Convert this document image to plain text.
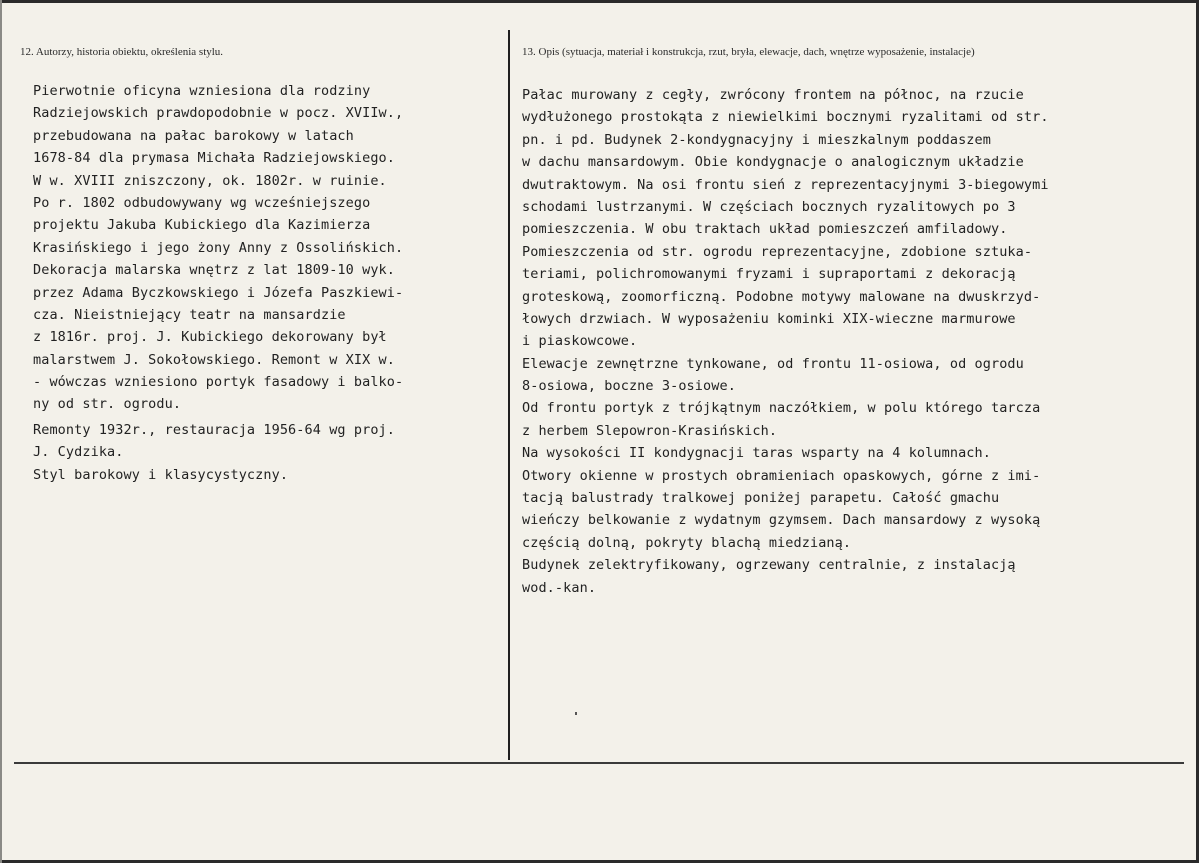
12. Autorzy, historia obiektu, określenia stylu.	13. Opis (sytuacja, materiał i konstrukcja, rzut, bryła, elewacje, dach, wnętrze wyposażenie, instalacje)
Pierwotnie oficyna wzniesiona dla rodziny
Radziejowskich prawdopodobnie w pocz. XVIIw.,
przebudowana na pałac barokowy w latach
1678-84 dla prymasa Michała Radziejowskiego.
W w. XVIII zniszczony, ok. 1802r. w ruinie.
Po r. 1802 odbudowywany wg wcześniejszego
projektu Jakuba Kubickiego dla Kazimierza
Krasińskiego i jego żony Anny z Ossolińskich.
Dekoracja malarska wnętrz z lat 1809-10 wyk.
przez Adama Byczkowskiego i Józefa Paszkiewi-
cza. Nieistniejący teatr na mansardzie
z 1816r. proj. J. Kubickiego dekorowany był
malarstwem J. Sokołowskiego. Remont w XIX w.
- wówczas wzniesiono portyk fasadowy i balko-
ny od str. ogrodu.
Remonty 1932r., restauracja 1956-64 wg proj.
J. Cydzika.
Styl barokowy i klasycystyczny.
Pałac murowany z cegły, zwrócony frontem na północ, na rzucie
wydłużonego prostokąta z niewielkimi bocznymi ryzalitami od str.
pn. i pd. Budynek 2-kondygnacyjny i mieszkalnym poddaszem
w dachu mansardowym. Obie kondygnacje o analogicznym układzie
dwutraktowym. Na osi frontu sień z reprezentacyjnymi 3-biegowymi
schodami lustrzanymi. W częściach bocznych ryzalitowych po 3
pomieszczenia. W obu traktach układ pomieszczeń amfiladowy.
Pomieszczenia od str. ogrodu reprezentacyjne, zdobione sztuka-
teriami, polichromowanymi fryzami i supraportami z dekoracją
groteskową, zoomorficzną. Podobne motywy malowane na dwuskrzyd-
łowych drzwiach. W wyposażeniu kominki XIX-wieczne marmurowe
i piaskowcowe.
Elewacje zewnętrzne tynkowane, od frontu 11-osiowa, od ogrodu
8-osiowa, boczne 3-osiowe.
Od frontu portyk z trójkątnym naczółkiem, w polu którego tarcza
z herbem Slepowron-Krasińskich.
Na wysokości II kondygnacji taras wsparty na 4 kolumnach.
Otwory okienne w prostych obramieniach opaskowych, górne z imi-
tacją balustrady tralkowej poniżej parapetu. Całość gmachu
wieńczy belkowanie z wydatnym gzymsem. Dach mansardowy z wysoką
częścią dolną, pokryty blachą miedzianą.
Budynek zelektryfikowany, ogrzewany centralnie, z instalacją
wod.-kan.
